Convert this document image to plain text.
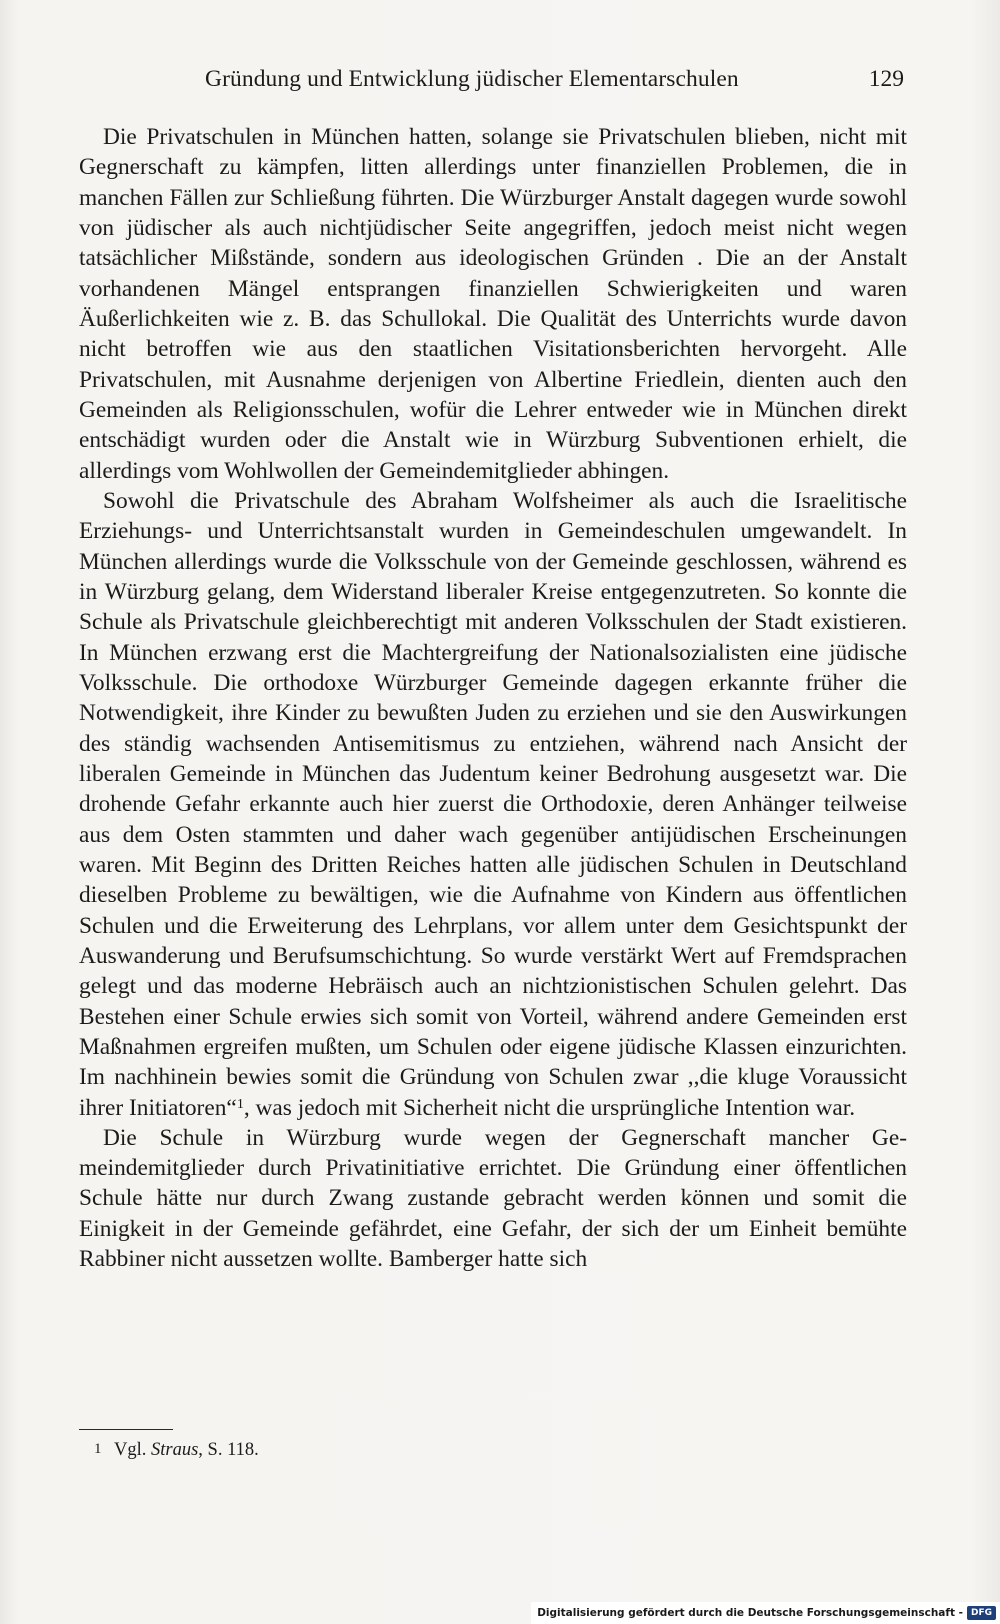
Gründung und Entwicklung jüdischer Elementarschulen	129

Die Privatschulen in München hatten, solange sie Privatschulen blieben, nicht mit Gegnerschaft zu kämpfen, litten allerdings unter finanziellen Problemen, die in manchen Fällen zur Schließung führten. Die Würzburger Anstalt dagegen wurde sowohl von jüdischer als auch nichtjüdischer Seite angegriffen, jedoch meist nicht wegen tatsächlicher Mißstände, sondern aus ideologischen Gründen . Die an der Anstalt vorhandenen Mängel entsprangen finanziellen Schwierigkeiten und waren Äußerlichkeiten wie z. B. das Schullokal. Die Qualität des Unterrichts wurde davon nicht betroffen wie aus den staatlichen Visitationsberichten hervorgeht. Alle Privatschulen, mit Ausnahme derjenigen von Albertine Friedlein, dienten auch den Gemeinden als Religionsschulen, wofür die Lehrer entweder wie in München direkt entschädigt wurden oder die Anstalt wie in Würzburg Subventionen erhielt, die allerdings vom Wohlwollen der Gemeindemitglieder abhingen.

Sowohl die Privatschule des Abraham Wolfsheimer als auch die Israelitische Erziehungs- und Unterrichtsanstalt wurden in Gemeindeschulen umgewandelt. In München allerdings wurde die Volksschule von der Gemeinde geschlossen, während es in Würzburg gelang, dem Widerstand liberaler Kreise entgegenzutreten. So konnte die Schule als Privatschule gleichberechtigt mit anderen Volksschulen der Stadt existieren. In München erzwang erst die Machtergreifung der Nationalsozialisten eine jüdische Volksschule. Die orthodoxe Würzburger Gemeinde dagegen erkannte früher die Notwendigkeit, ihre Kinder zu bewußten Juden zu erziehen und sie den Auswirkungen des ständig wachsenden Antisemitismus zu entziehen, während nach Ansicht der liberalen Gemeinde in München das Judentum keiner Bedrohung ausgesetzt war. Die drohende Gefahr erkannte auch hier zuerst die Orthodoxie, deren Anhänger teilweise aus dem Osten stammten und daher wach gegenüber antijüdischen Erscheinungen waren. Mit Beginn des Dritten Reiches hatten alle jüdischen Schulen in Deutschland dieselben Probleme zu bewältigen, wie die Aufnahme von Kindern aus öffentlichen Schulen und die Erweiterung des Lehrplans, vor allem unter dem Gesichtspunkt der Auswanderung und Berufsumschichtung. So wurde verstärkt Wert auf Fremdsprachen gelegt und das moderne Hebräisch auch an nichtzionistischen Schulen gelehrt. Das Bestehen einer Schule erwies sich somit von Vorteil, während andere Gemeinden erst Maßnahmen ergreifen mußten, um Schulen oder eigene jüdische Klassen einzurichten. Im nachhinein bewies somit die Gründung von Schulen zwar ,,die kluge Voraussicht ihrer Initiatoren“$^1$, was jedoch mit Sicherheit nicht die ursprüngliche Intention war.

Die Schule in Würzburg wurde wegen der Gegnerschaft mancher Gemeindemitglieder durch Privatinitiative errichtet. Die Gründung einer öffentlichen Schule hätte nur durch Zwang zustande gebracht werden können und somit die Einigkeit in der Gemeinde gefährdet, eine Gefahr, der sich der um Einheit bemühte Rabbiner nicht aussetzen wollte. Bamberger hatte sich

1 Vgl. Straus, S. 118.
Digitalisierung gefördert durch die Deutsche Forschungsgemeinschaft - DFG
